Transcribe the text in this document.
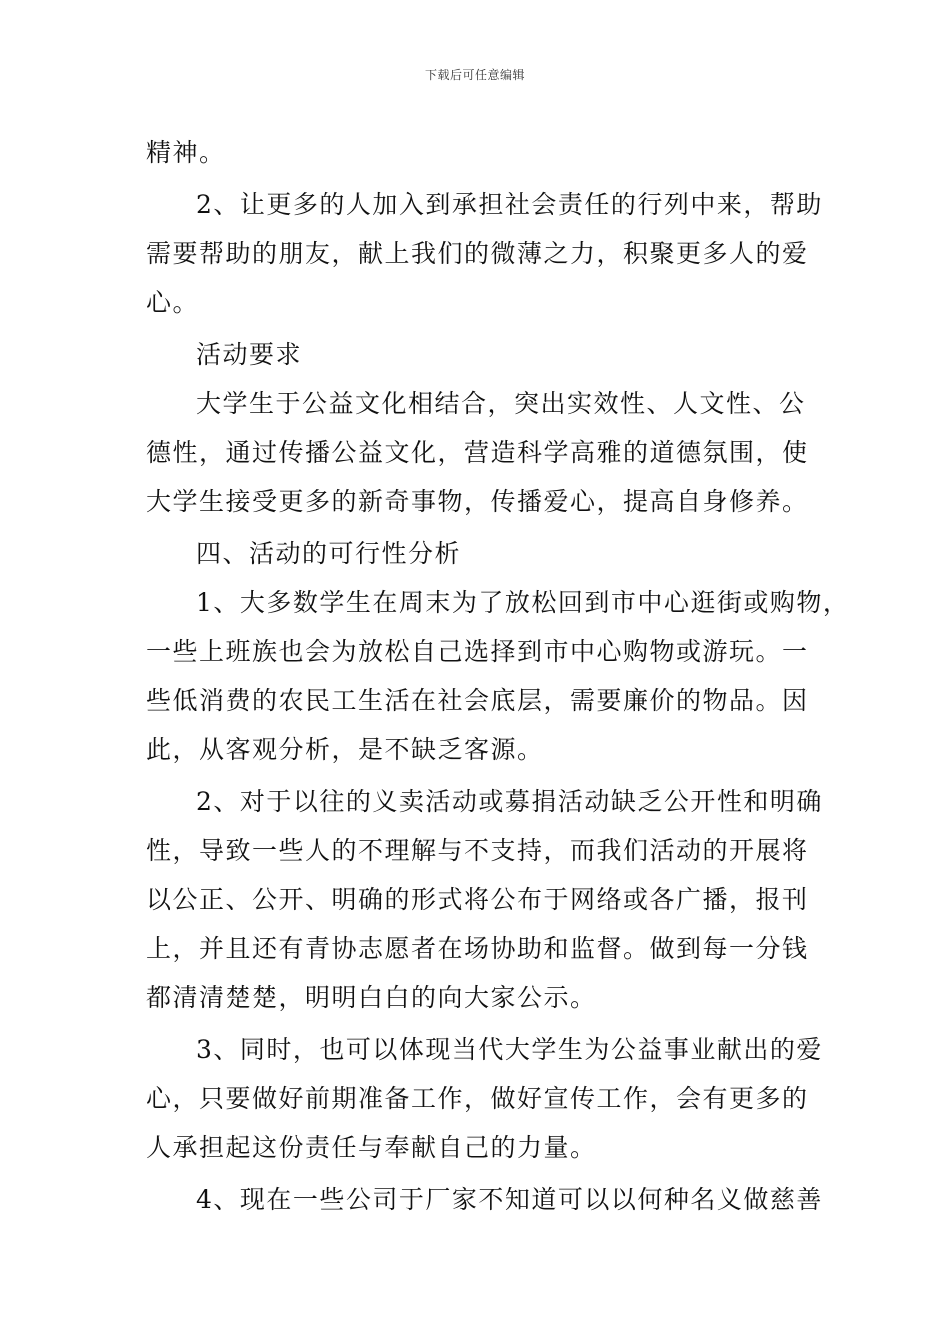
下载后可任意编辑
精神。
2、让更多的人加入到承担社会责任的行列中来，帮助
需要帮助的朋友，献上我们的微薄之力，积聚更多人的爱
心。
活动要求
大学生于公益文化相结合，突出实效性、人文性、公
德性，通过传播公益文化，营造科学高雅的道德氛围，使
大学生接受更多的新奇事物，传播爱心，提高自身修养。
四、活动的可行性分析
1、大多数学生在周末为了放松回到市中心逛街或购物，
一些上班族也会为放松自己选择到市中心购物或游玩。一
些低消费的农民工生活在社会底层，需要廉价的物品。因
此，从客观分析，是不缺乏客源。
2、对于以往的义卖活动或募捐活动缺乏公开性和明确
性，导致一些人的不理解与不支持，而我们活动的开展将
以公正、公开、明确的形式将公布于网络或各广播，报刊
上，并且还有青协志愿者在场协助和监督。做到每一分钱
都清清楚楚，明明白白的向大家公示。
3、同时，也可以体现当代大学生为公益事业献出的爱
心，只要做好前期准备工作，做好宣传工作，会有更多的
人承担起这份责任与奉献自己的力量。
4、现在一些公司于厂家不知道可以以何种名义做慈善
